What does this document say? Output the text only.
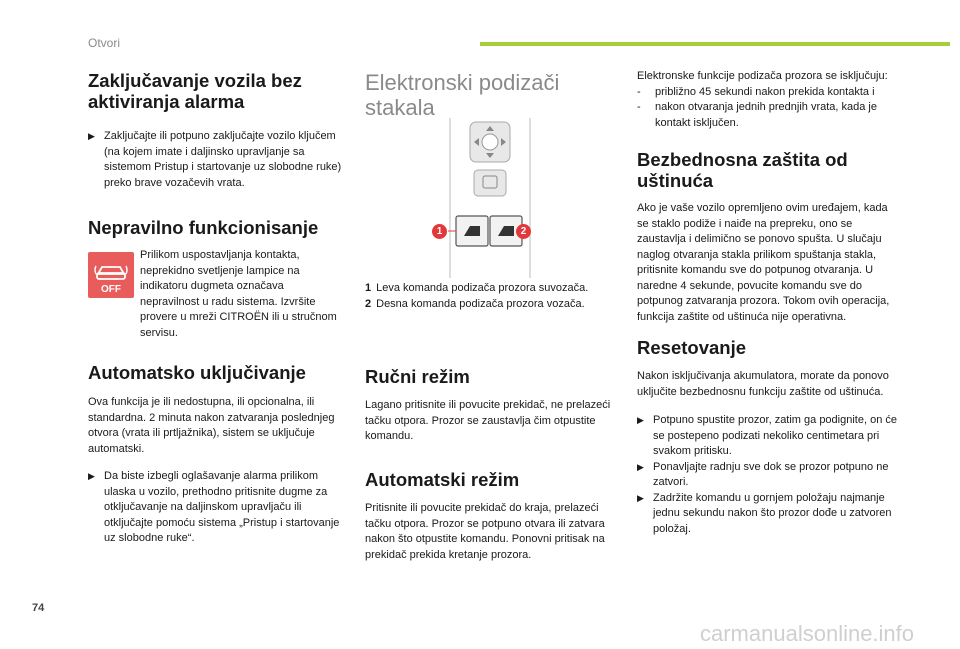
Otvori
Zaključavanje vozila bez aktiviranja alarma
▶ Zaključajte ili potpuno zaključajte vozilo ključem (na kojem imate i daljinsko upravljanje sa sistemom Pristup i startovanje uz slobodne ruke) preko brave vozačevih vrata.
Nepravilno funkcionisanje
OFF

Prilikom uspostavljanja kontakta, neprekidno svetljenje lampice na indikatoru dugmeta označava nepravilnost u radu sistema. Izvršite provere u mreži CITROËN ili u stručnom servisu.

Automatsko uključivanje

Ova funkcija je ili nedostupna, ili opcionalna, ili standardna. 2 minuta nakon zatvaranja poslednjeg otvora (vrata ili prtljažnika), sistem se uključuje automatski.

▶ Da biste izbegli oglašavanje alarma prilikom ulaska u vozilo, prethodno pritisnite dugme za otključavanje na daljinskom upravljaču ili otključajte pomoću sistema „Pristup i startovanje uz slobodne ruke“.
Elektronski podizači stakala
1	2

1 Leva komanda podizača prozora suvozača.

2 Desna komanda podizača prozora vozača.

Ručni režim

Lagano pritisnite ili povucite prekidač, ne prelazeći tačku otpora. Prozor se zaustavlja čim otpustite komandu.

Automatski režim

Pritisnite ili povucite prekidač do kraja, prelazeći tačku otpora. Prozor se potpuno otvara ili zatvara nakon što otpustite komandu. Ponovni pritisak na prekidač prekida kretanje prozora.

Elektronske funkcije podizača prozora se isključuju:

- približno 45 sekundi nakon prekida kontakta i
- nakon otvaranja jednih prednjih vrata, kada je kontakt isključen.
Bezbednosna zaštita od uštinuća

Ako je vaše vozilo opremljeno ovim uređajem, kada se staklo podiže i naiđe na prepreku, ono se zaustavlja i delimično se ponovo spušta. U slučaju naglog otvaranja stakla prilikom spuštanja stakla, pritisnite komandu sve do potpunog otvaranja. U naredne 4 sekunde, povucite komandu sve do potpunog zatvaranja prozora. Tokom ovih operacija, funkcija zaštite od uštinuća nije operativna.

Resetovanje

Nakon isključivanja akumulatora, morate da ponovo uključite bezbednosnu funkciju zaštite od uštinuća.

▶ Potpuno spustite prozor, zatim ga podignite, on će se postepeno podizati nekoliko centimetara pri svakom pritisku.
▶ Ponavljajte radnju sve dok se prozor potpuno ne zatvori.
▶ Zadržite komandu u gornjem položaju najmanje jednu sekundu nakon što prozor dođe u zatvoren položaj.
74
carmanualsonline.info
